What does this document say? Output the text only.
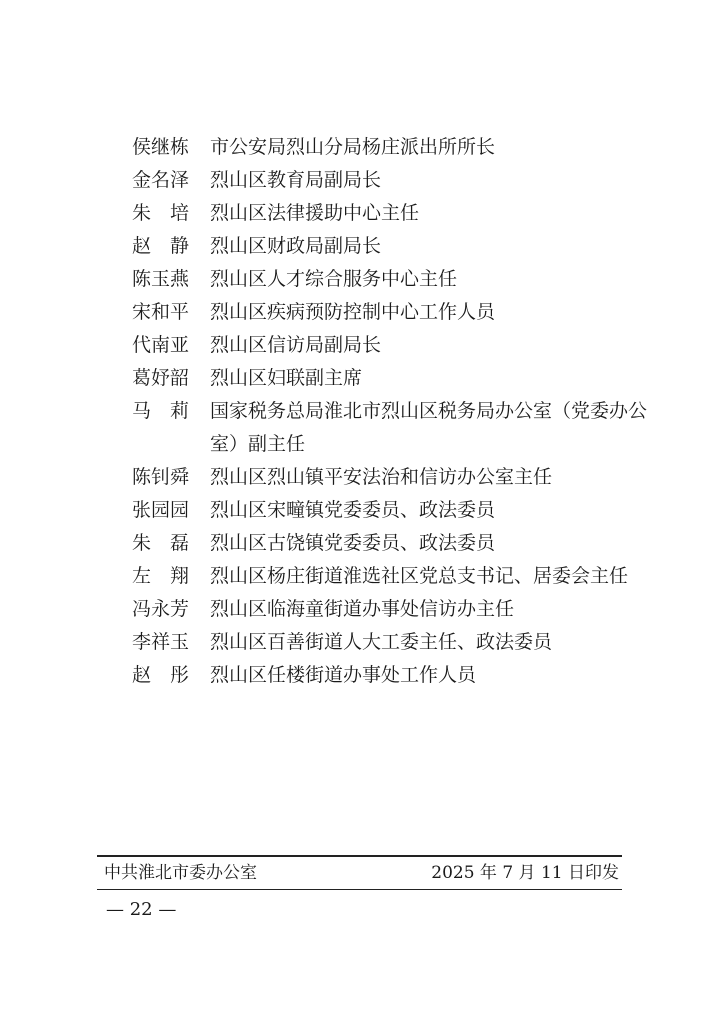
侯继栋	市公安局烈山分局杨庄派出所所长
金名泽	烈山区教育局副局长
朱　培	烈山区法律援助中心主任
赵　静	烈山区财政局副局长
陈玉燕	烈山区人才综合服务中心主任
宋和平	烈山区疾病预防控制中心工作人员
代南亚	烈山区信访局副局长
葛妤韶	烈山区妇联副主席
马　莉	国家税务总局淮北市烈山区税务局办公室（党委办公室）副主任
陈钊舜	烈山区烈山镇平安法治和信访办公室主任
张园园	烈山区宋疃镇党委委员、政法委员
朱　磊	烈山区古饶镇党委委员、政法委员
左　翔	烈山区杨庄街道淮选社区党总支书记、居委会主任
冯永芳	烈山区临海童街道办事处信访办主任
李祥玉	烈山区百善街道人大工委主任、政法委员
赵　彤	烈山区任楼街道办事处工作人员
中共淮北市委办公室	2025 年 7 月 11 日印发
— 22 —
